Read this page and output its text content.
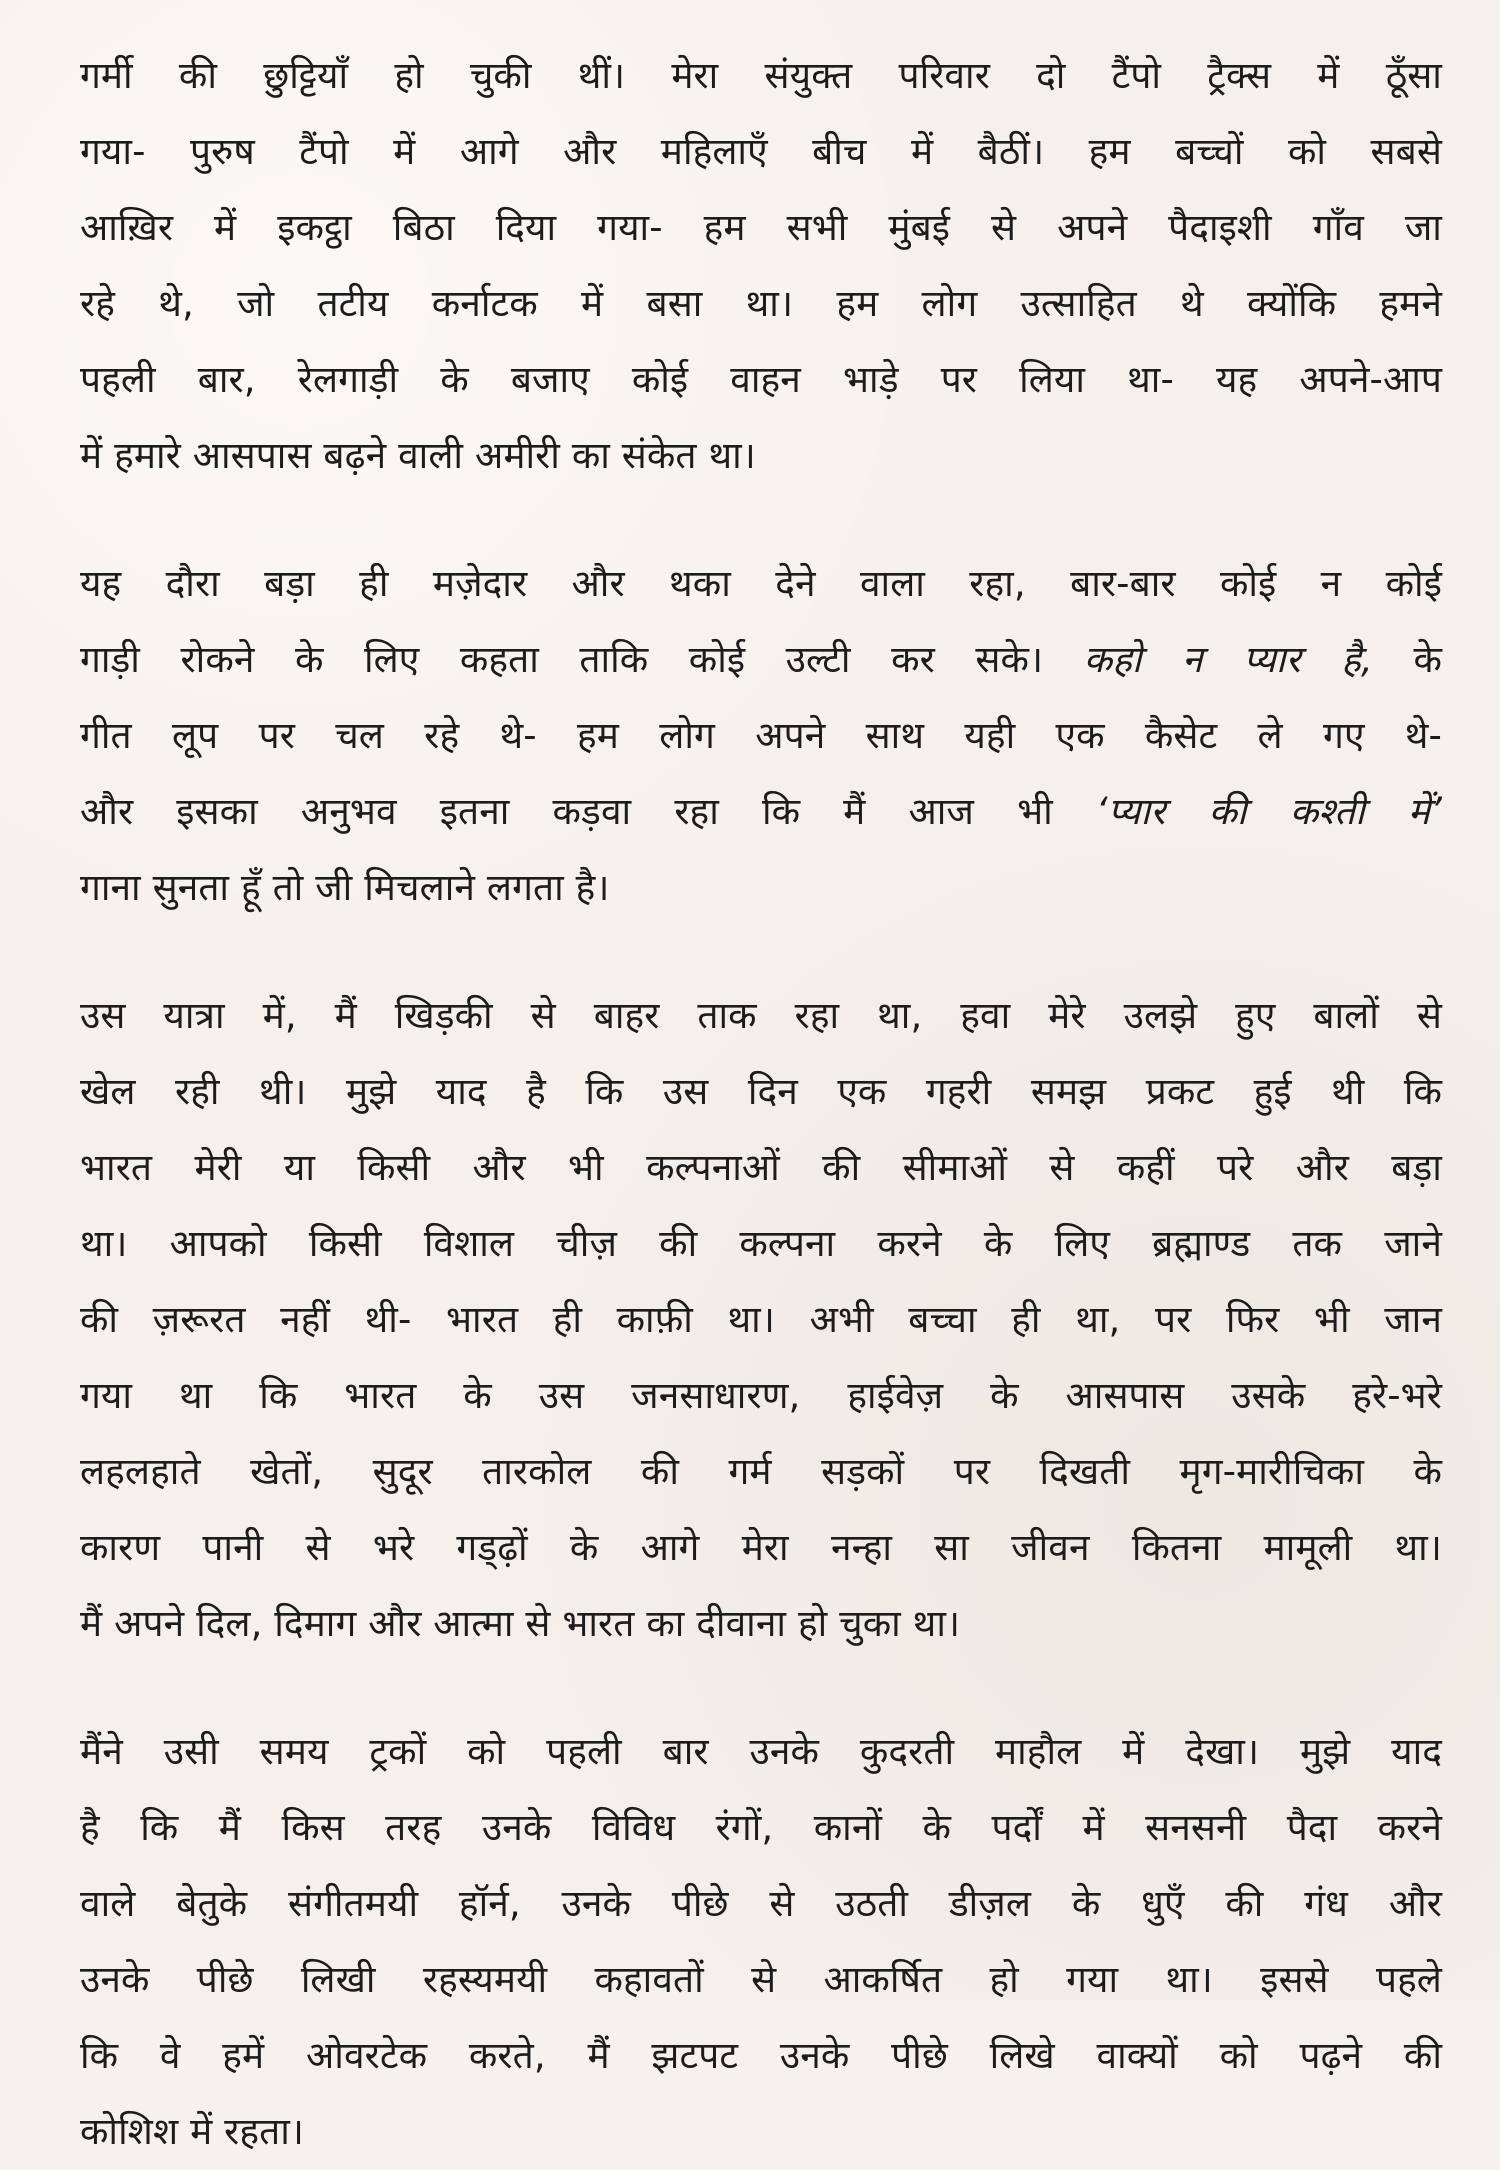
गर्मी की छुट्टियाँ हो चुकी थीं। मेरा संयुक्त परिवार दो टैंपो ट्रैक्स में ठूँसा
गया- पुरुष टैंपो में आगे और महिलाएँ बीच में बैठीं। हम बच्चों को सबसे
आख़िर में इकट्ठा बिठा दिया गया- हम सभी मुंबई से अपने पैदाइशी गाँव जा
रहे थे, जो तटीय कर्नाटक में बसा था। हम लोग उत्साहित थे क्योंकि हमने
पहली बार, रेलगाड़ी के बजाए कोई वाहन भाड़े पर लिया था- यह अपने-आप
में हमारे आसपास बढ़ने वाली अमीरी का संकेत था।
यह दौरा बड़ा ही मज़ेदार और थका देने वाला रहा, बार-बार कोई न कोई
गाड़ी रोकने के लिए कहता ताकि कोई उल्टी कर सके। कहो न प्यार है, के
गीत लूप पर चल रहे थे- हम लोग अपने साथ यही एक कैसेट ले गए थे-
और इसका अनुभव इतना कड़वा रहा कि मैं आज भी ‘प्यार की कश्ती में’
गाना सुनता हूँ तो जी मिचलाने लगता है।
उस यात्रा में, मैं खिड़की से बाहर ताक रहा था, हवा मेरे उलझे हुए बालों से
खेल रही थी। मुझे याद है कि उस दिन एक गहरी समझ प्रकट हुई थी कि
भारत मेरी या किसी और भी कल्पनाओं की सीमाओं से कहीं परे और बड़ा
था। आपको किसी विशाल चीज़ की कल्पना करने के लिए ब्रह्माण्ड तक जाने
की ज़रूरत नहीं थी- भारत ही काफ़ी था। अभी बच्चा ही था, पर फिर भी जान
गया था कि भारत के उस जनसाधारण, हाईवेज़ के आसपास उसके हरे-भरे
लहलहाते खेतों, सुदूर तारकोल की गर्म सड़कों पर दिखती मृग-मारीचिका के
कारण पानी से भरे गड्ढ़ों के आगे मेरा नन्हा सा जीवन कितना मामूली था।
मैं अपने दिल, दिमाग और आत्मा से भारत का दीवाना हो चुका था।
मैंने उसी समय ट्रकों को पहली बार उनके कुदरती माहौल में देखा। मुझे याद
है कि मैं किस तरह उनके विविध रंगों, कानों के पर्दों में सनसनी पैदा करने
वाले बेतुके संगीतमयी हॉर्न, उनके पीछे से उठती डीज़ल के धुएँ की गंध और
उनके पीछे लिखी रहस्यमयी कहावतों से आकर्षित हो गया था। इससे पहले
कि वे हमें ओवरटेक करते, मैं झटपट उनके पीछे लिखे वाक्यों को पढ़ने की
कोशिश में रहता।
